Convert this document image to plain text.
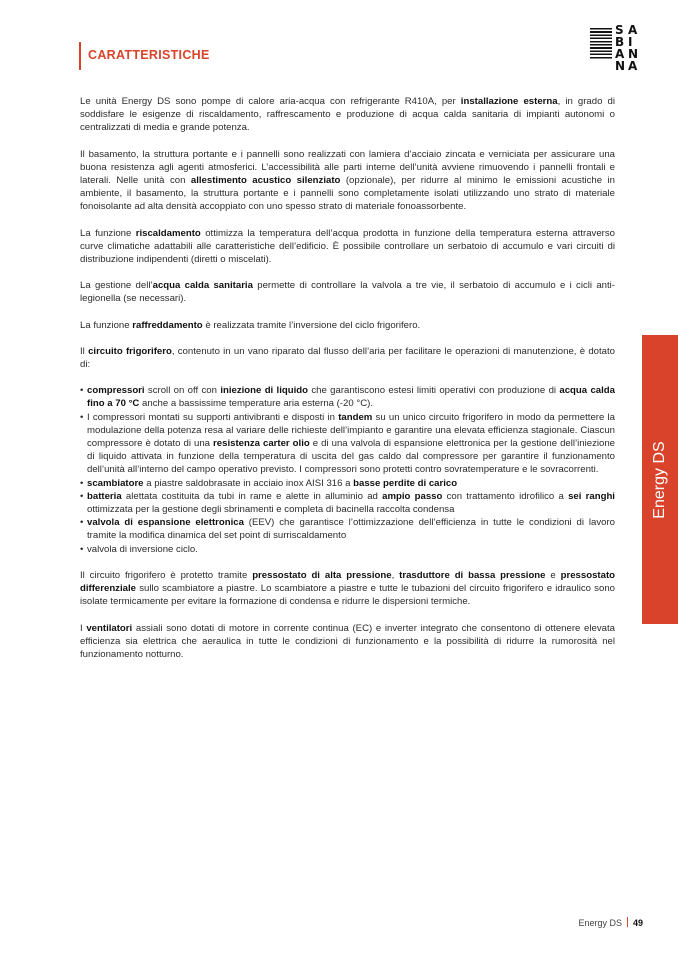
CARATTERISTICHE
S A
B I
A N
N A
Energy DS

Le unità Energy DS sono pompe di calore aria-acqua con refrigerante R410A, per installazione esterna, in grado di soddisfare le esigenze di riscaldamento, raffrescamento e produzione di acqua calda sanitaria di impianti autonomi o centralizzati di media e grande potenza.

Il basamento, la struttura portante e i pannelli sono realizzati con lamiera d’acciaio zincata e verniciata per assicurare una buona resistenza agli agenti atmosferici. L’accessibilità alle parti interne dell’unità avviene rimuovendo i pannelli frontali e laterali. Nelle unità con allestimento acustico silenziato (opzionale), per ridurre al minimo le emissioni acustiche in ambiente, il basamento, la struttura portante e i pannelli sono completamente isolati utilizzando uno strato di materiale fonoisolante ad alta densità accoppiato con uno spesso strato di materiale fonoassorbente.

La funzione riscaldamento ottimizza la temperatura dell’acqua prodotta in funzione della temperatura esterna attraverso curve climatiche adattabili alle caratteristiche dell’edificio. È possibile controllare un serbatoio di accumulo e vari circuiti di distribuzione indipendenti (diretti o miscelati).

La gestione dell’acqua calda sanitaria permette di controllare la valvola a tre vie, il serbatoio di accumulo e i cicli anti-legionella (se necessari).

La funzione raffreddamento è realizzata tramite l’inversione del ciclo frigorifero.

Il circuito frigorifero, contenuto in un vano riparato dal flusso dell’aria per facilitare le operazioni di manutenzione, è dotato di:

• compressori scroll on off con iniezione di liquido che garantiscono estesi limiti operativi con produzione di acqua calda fino a 70 °C anche a bassissime temperature aria esterna (-20 °C).
• I compressori montati su supporti antivibranti e disposti in tandem su un unico circuito frigorifero in modo da permettere la modulazione della potenza resa al variare delle richieste dell’impianto e garantire una elevata efficienza stagionale. Ciascun compressore è dotato di una resistenza carter olio e di una valvola di espansione elettronica per la gestione dell’iniezione di liquido attivata in funzione della temperatura di uscita del gas caldo dal compressore per garantire il funzionamento dell’unità all’interno del campo operativo previsto. I compressori sono protetti contro sovratemperature e le sovracorrenti.
• scambiatore a piastre saldobrasate in acciaio inox AISI 316 a basse perdite di carico
• batteria alettata costituita da tubi in rame e alette in alluminio ad ampio passo con trattamento idrofilico a sei ranghi ottimizzata per la gestione degli sbrinamenti e completa di bacinella raccolta condensa
• valvola di espansione elettronica (EEV) che garantisce l’ottimizzazione dell’efficienza in tutte le condizioni di lavoro tramite la modifica dinamica del set point di surriscaldamento
• valvola di inversione ciclo.

Il circuito frigorifero è protetto tramite pressostato di alta pressione, trasduttore di bassa pressione e pressostato differenziale sullo scambiatore a piastre. Lo scambiatore a piastre e tutte le tubazioni del circuito frigorifero e idraulico sono isolate termicamente per evitare la formazione di condensa e ridurre le dispersioni termiche.

I ventilatori assiali sono dotati di motore in corrente continua (EC) e inverter integrato che consentono di ottenere elevata efficienza sia elettrica che aeraulica in tutte le condizioni di funzionamento e la possibilità di ridurre la rumorosità nel funzionamento notturno.

Energy DS 49
